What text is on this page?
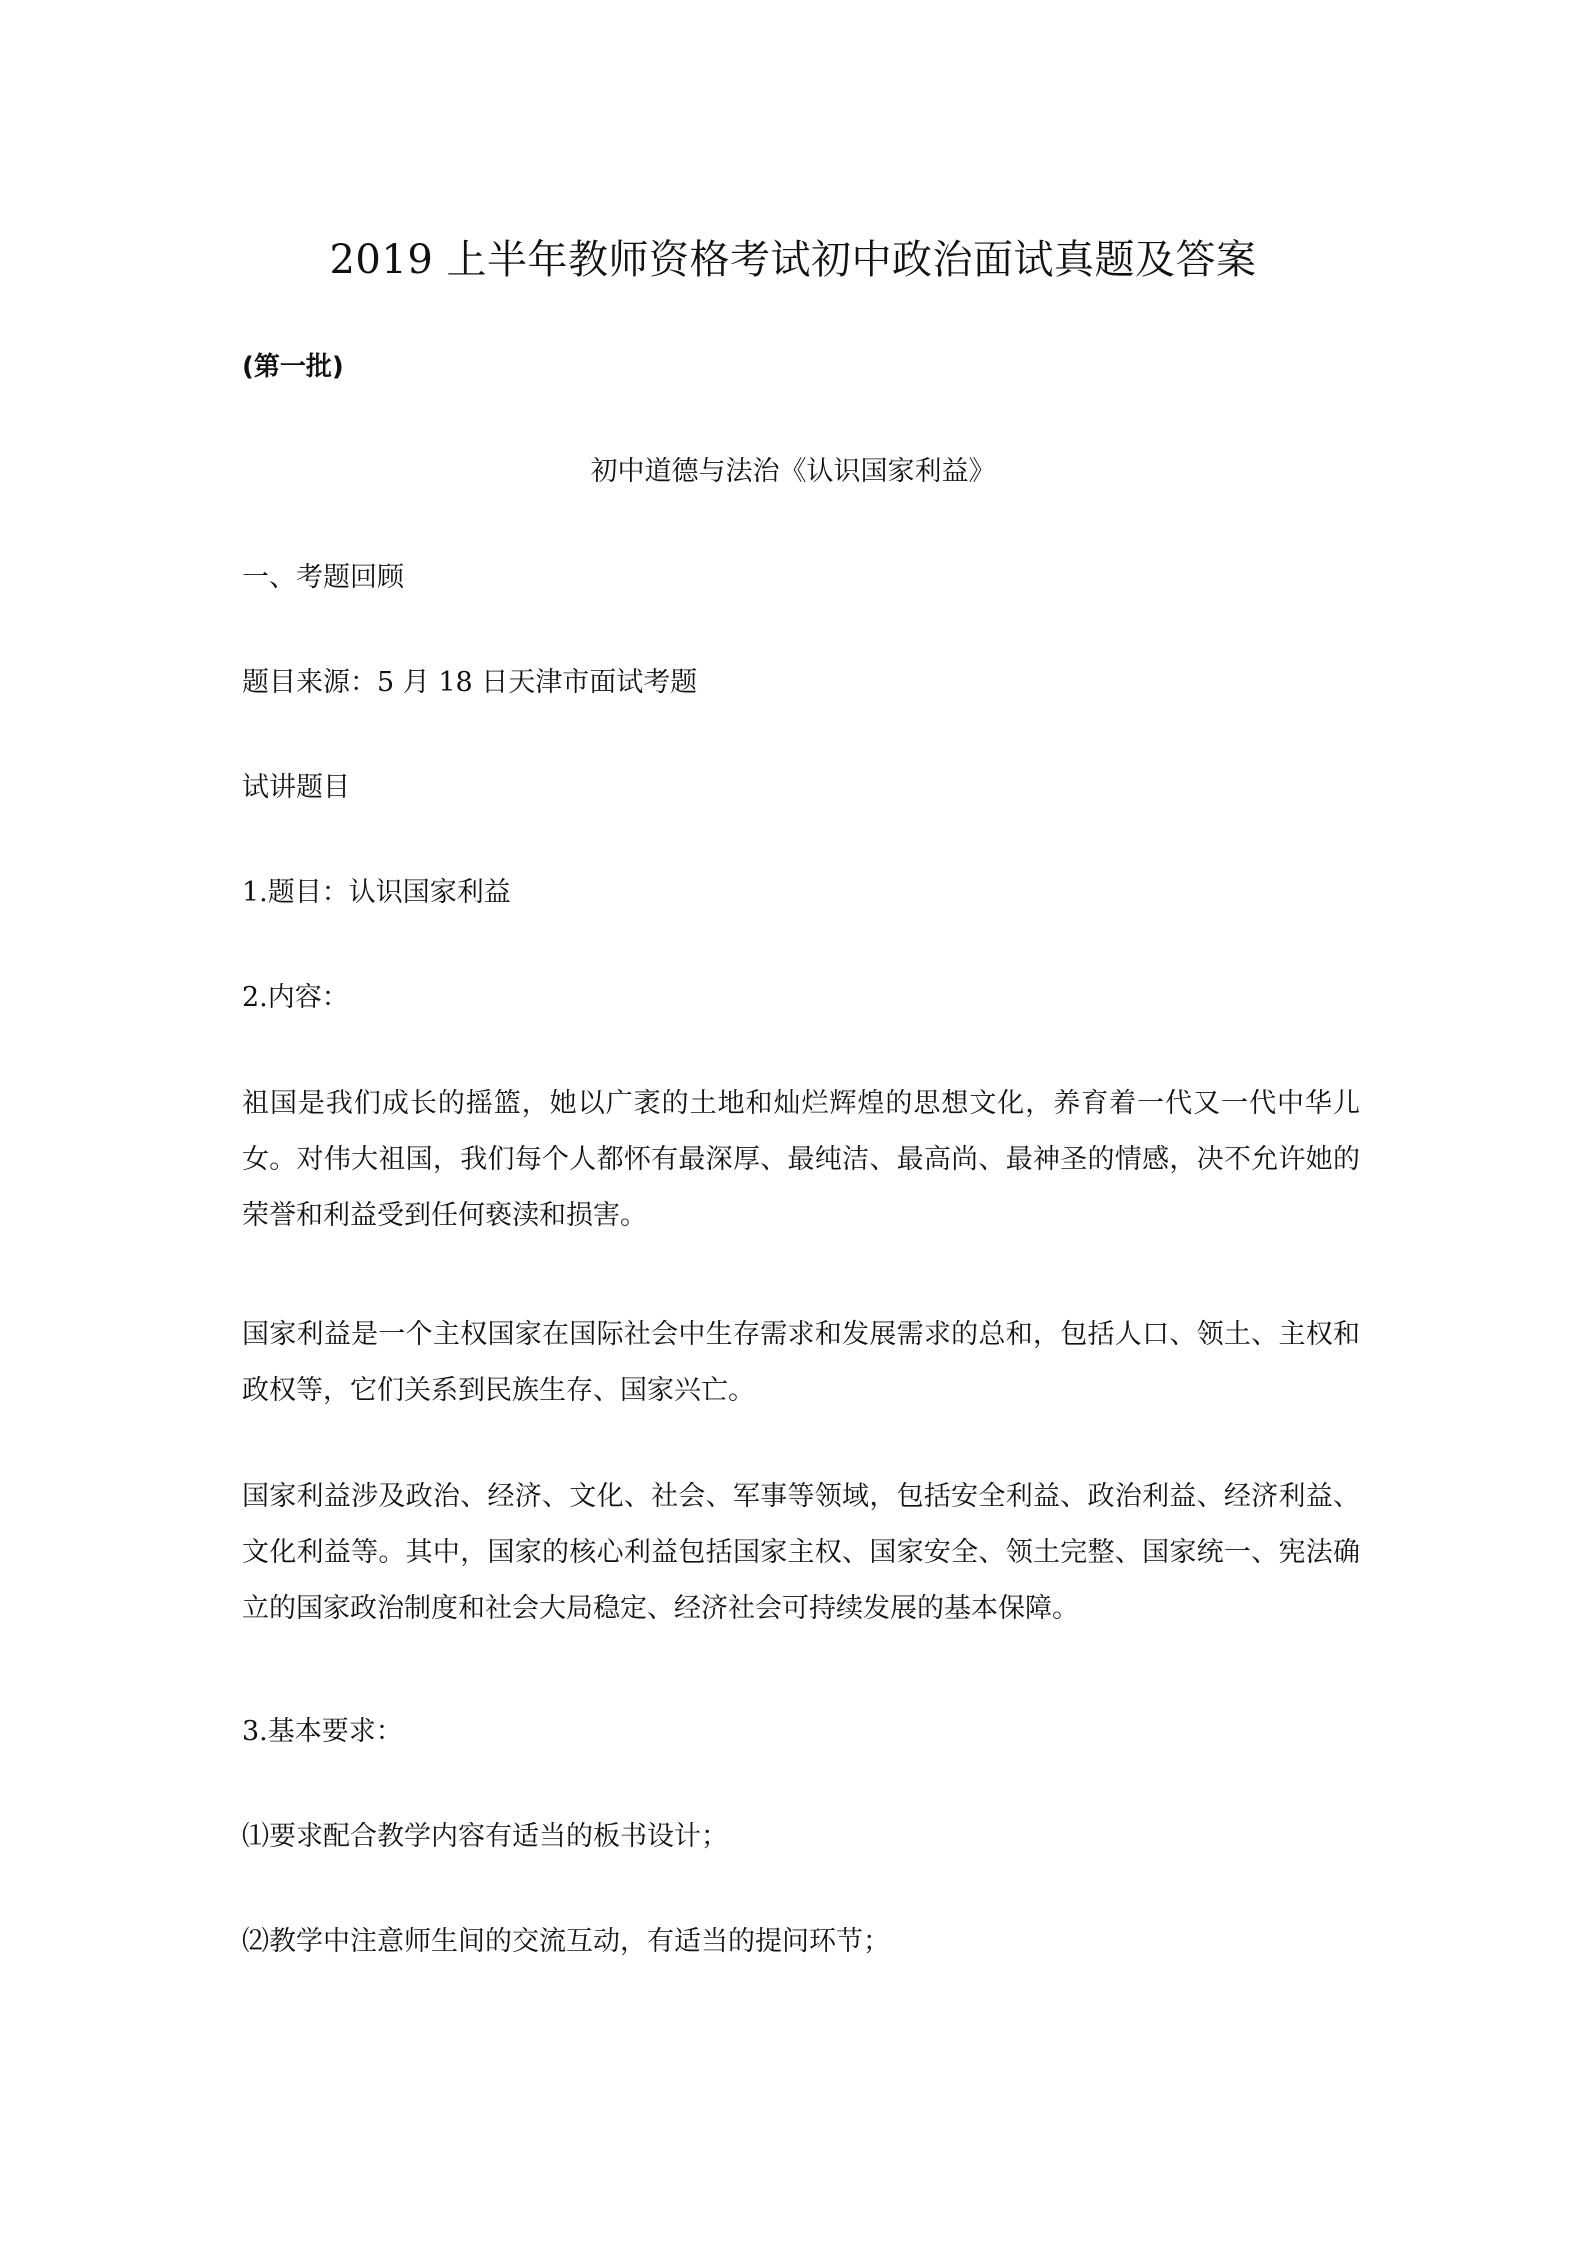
2019 上半年教师资格考试初中政治面试真题及答案
(第一批)
初中道德与法治《认识国家利益》
一、考题回顾
题目来源：5 月 18 日天津市面试考题
试讲题目
1.题目：认识国家利益
2.内容：
祖国是我们成长的摇篮，她以广袤的土地和灿烂辉煌的思想文化，养育着一代又一代中华儿女。对伟大祖国，我们每个人都怀有最深厚、最纯洁、最高尚、最神圣的情感，决不允许她的荣誉和利益受到任何亵渎和损害。
国家利益是一个主权国家在国际社会中生存需求和发展需求的总和，包括人口、领土、主权和政权等，它们关系到民族生存、国家兴亡。
国家利益涉及政治、经济、文化、社会、军事等领域，包括安全利益、政治利益、经济利益、文化利益等。其中，国家的核心利益包括国家主权、国家安全、领土完整、国家统一、宪法确立的国家政治制度和社会大局稳定、经济社会可持续发展的基本保障。
3.基本要求：
⑴要求配合教学内容有适当的板书设计；
⑵教学中注意师生间的交流互动，有适当的提问环节；
